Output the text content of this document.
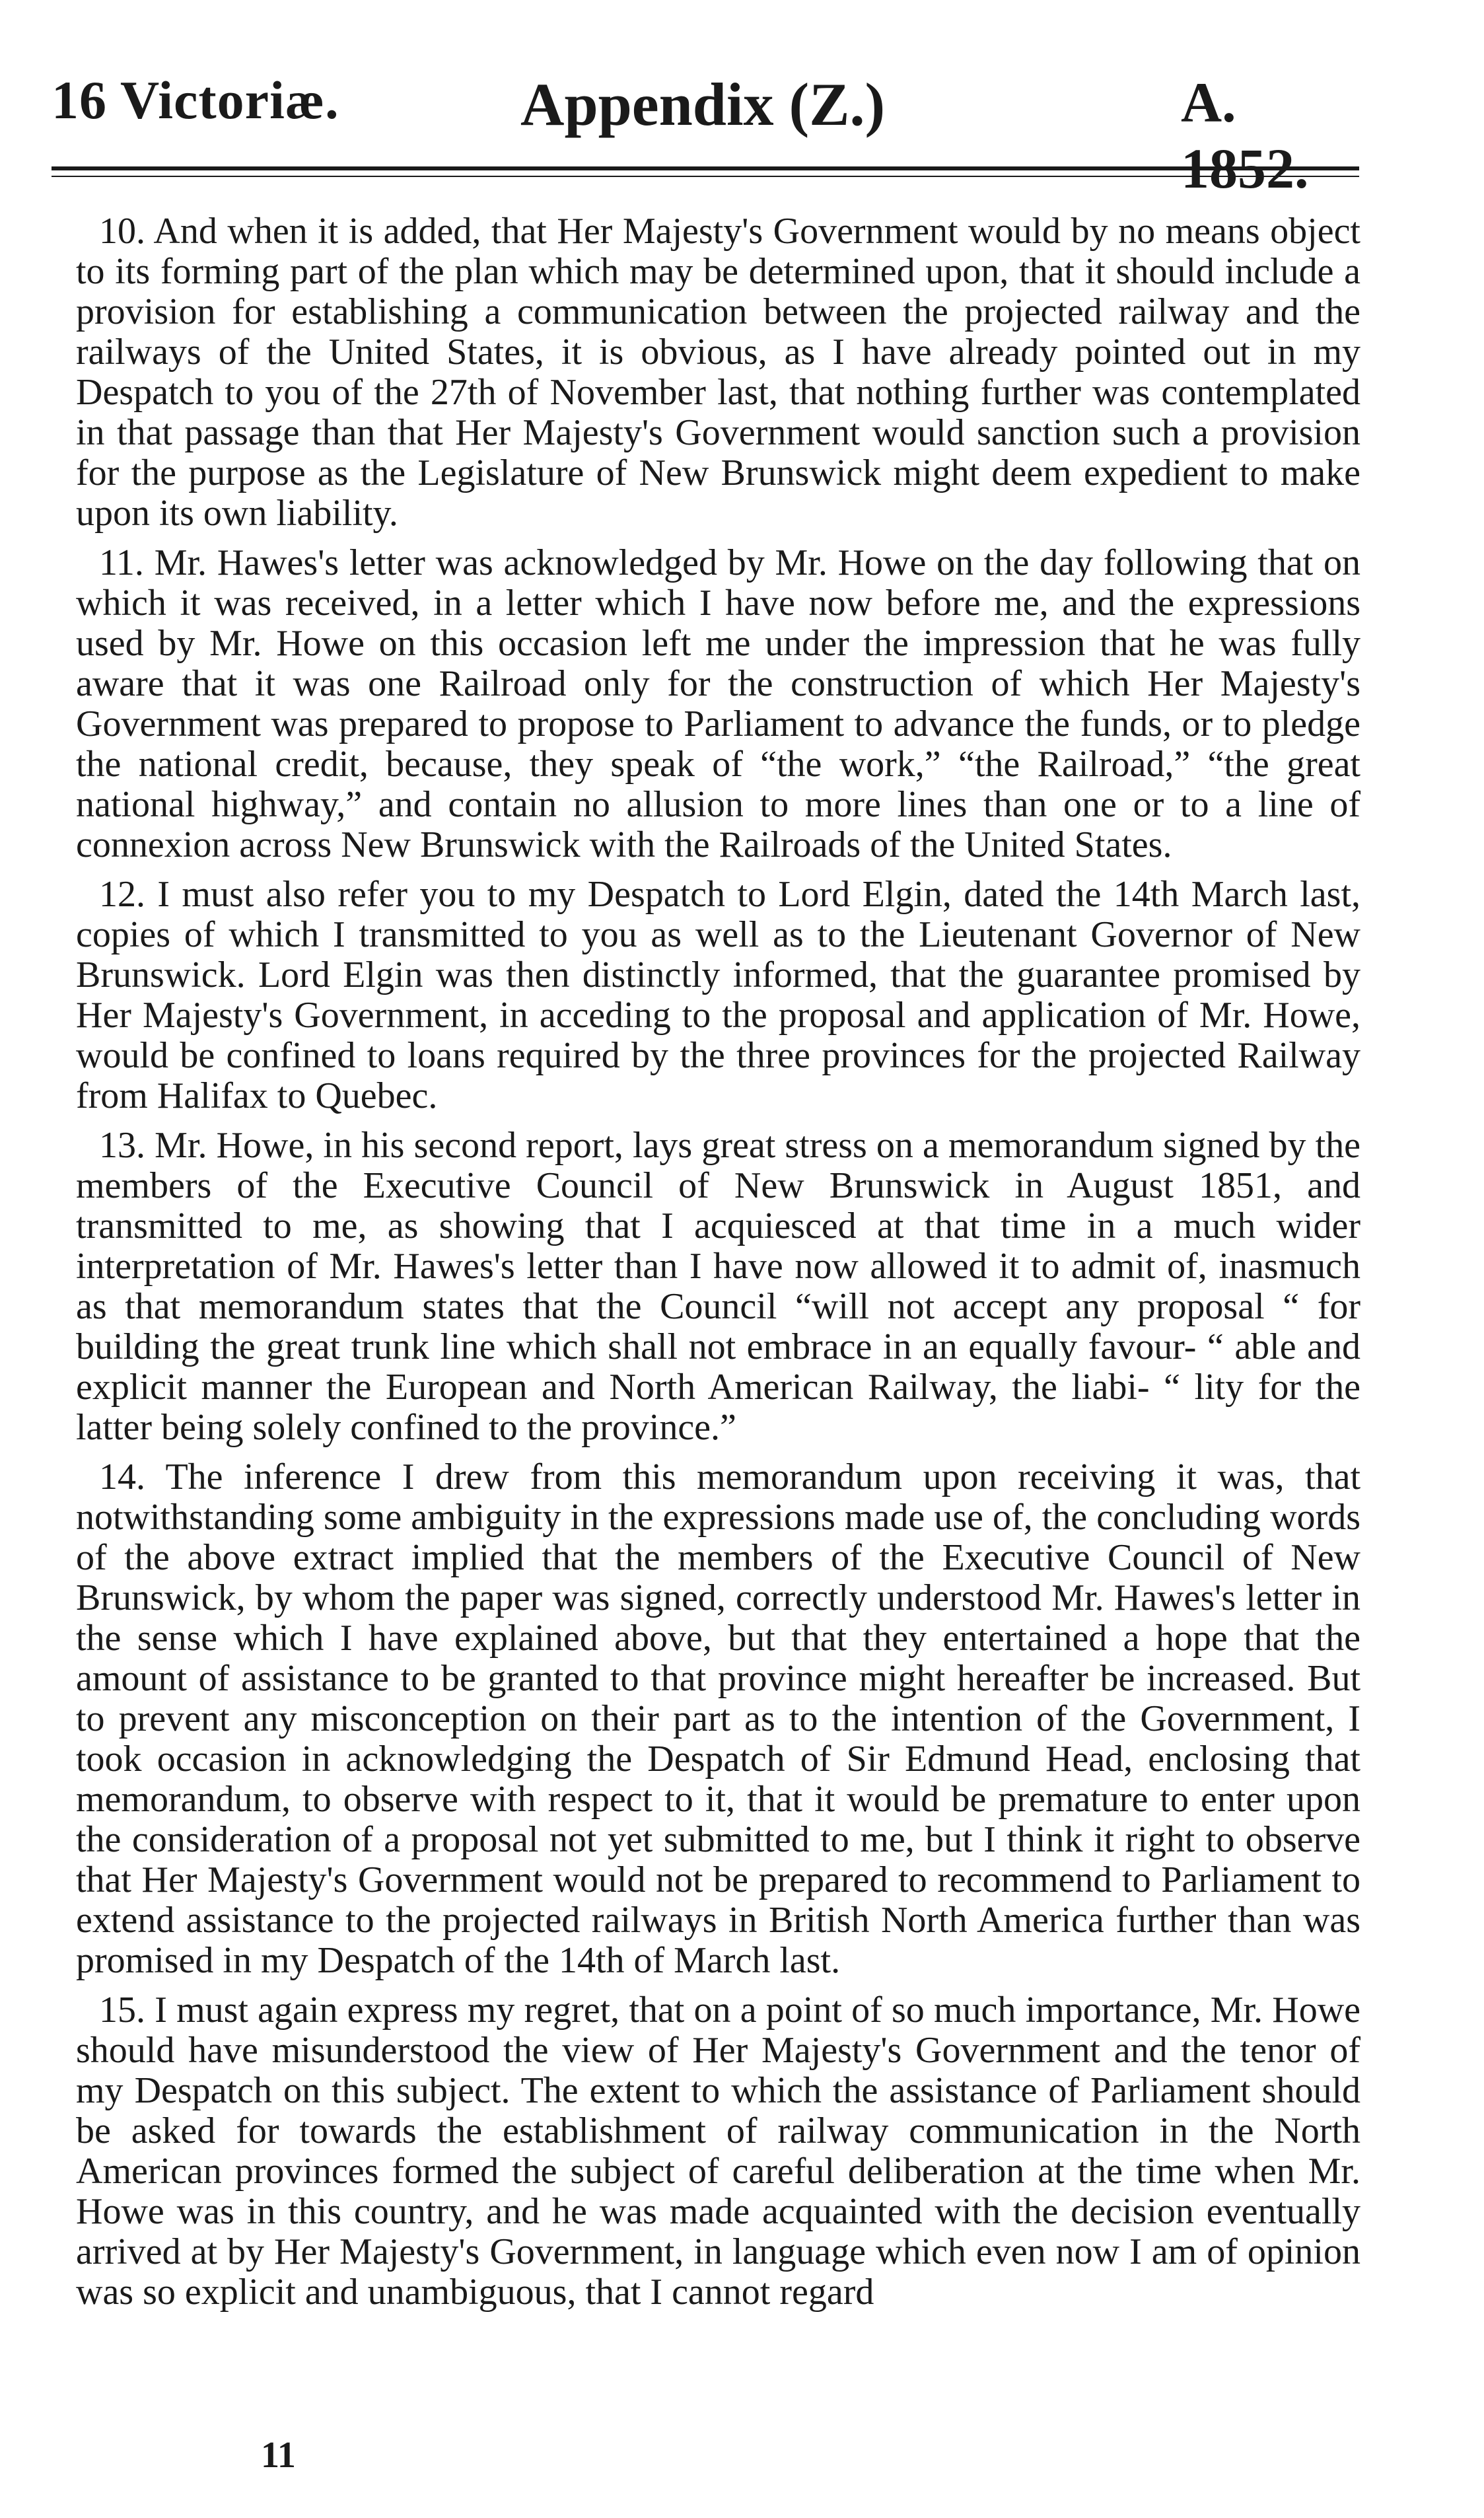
16 Victoriæ.	Appendix (Z.)	A.

10. And when it is added, that Her Majesty's Government would by no means object to its forming part of the plan which may be determined upon, that it should include a provision for establishing a communication between the projected railway and the railways of the United States, it is obvious, as I have already pointed out in my Despatch to you of the 27th of November last, that nothing further was contemplated in that passage than that Her Majesty's Government would sanction such a provision for the purpose as the Legislature of New Brunswick might deem expedient to make upon its own liability.

11. Mr. Hawes's letter was acknowledged by Mr. Howe on the day following that on which it was received, in a letter which I have now before me, and the expressions used by Mr. Howe on this occasion left me under the impression that he was fully aware that it was one Railroad only for the construction of which Her Majesty's Government was prepared to propose to Parliament to advance the funds, or to pledge the national credit, because, they speak of “the work,” “the Railroad,” “the great national highway,” and contain no allusion to more lines than one or to a line of connexion across New Brunswick with the Railroads of the United States.

12. I must also refer you to my Despatch to Lord Elgin, dated the 14th March last, copies of which I transmitted to you as well as to the Lieutenant Governor of New Brunswick. Lord Elgin was then distinctly informed, that the guarantee promised by Her Majesty's Government, in acceding to the proposal and application of Mr. Howe, would be confined to loans required by the three provinces for the projected Railway from Halifax to Quebec.

13. Mr. Howe, in his second report, lays great stress on a memorandum signed by the members of the Executive Council of New Brunswick in August 1851, and transmitted to me, as showing that I acquiesced at that time in a much wider interpretation of Mr. Hawes's letter than I have now allowed it to admit of, inasmuch as that memorandum states that the Council “will not accept any proposal “ for building the great trunk line which shall not embrace in an equally favour- “ able and explicit manner the European and North American Railway, the liabi- “ lity for the latter being solely confined to the province.”

14. The inference I drew from this memorandum upon receiving it was, that notwithstanding some ambiguity in the expressions made use of, the concluding words of the above extract implied that the members of the Executive Council of New Brunswick, by whom the paper was signed, correctly understood Mr. Hawes's letter in the sense which I have explained above, but that they entertained a hope that the amount of assistance to be granted to that province might hereafter be increased. But to prevent any misconception on their part as to the intention of the Government, I took occasion in acknowledging the Despatch of Sir Edmund Head, enclosing that memorandum, to observe with respect to it, that it would be premature to enter upon the consideration of a proposal not yet submitted to me, but I think it right to observe that Her Majesty's Government would not be prepared to recommend to Parliament to extend assistance to the projected railways in British North America further than was promised in my Despatch of the 14th of March last.

15. I must again express my regret, that on a point of so much importance, Mr. Howe should have misunderstood the view of Her Majesty's Government and the tenor of my Despatch on this subject. The extent to which the assistance of Parliament should be asked for towards the establishment of railway communication in the North American provinces formed the subject of careful deliberation at the time when Mr. Howe was in this country, and he was made acquainted with the decision eventually arrived at by Her Majesty's Government, in language which even now I am of opinion was so explicit and unambiguous, that I cannot regard

11
